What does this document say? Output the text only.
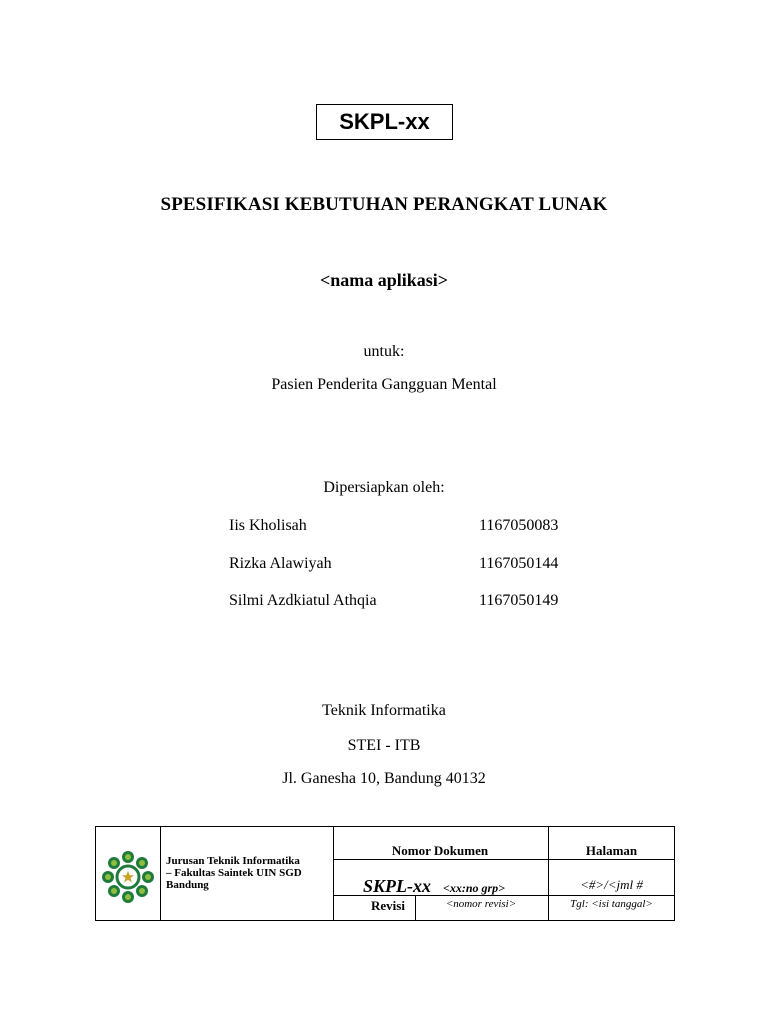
SKPL-xx
SPESIFIKASI KEBUTUHAN PERANGKAT LUNAK
<nama aplikasi>
untuk:
Pasien Penderita Gangguan Mental
Dipersiapkan oleh:
Iis Kholisah	1167050083
Rizka Alawiyah	1167050144
Silmi Azdkiatul Athqia	1167050149
Teknik Informatika
STEI - ITB
Jl. Ganesha 10, Bandung 40132
Jurusan Teknik Informatika
– Fakultas Saintek UIN SGD
Bandung
Nomor Dokumen	Halaman
SKPL-xx <xx:no grp>	<#>/<jml #
Revisi	<nomor revisi>	Tgl: <isi tanggal>
